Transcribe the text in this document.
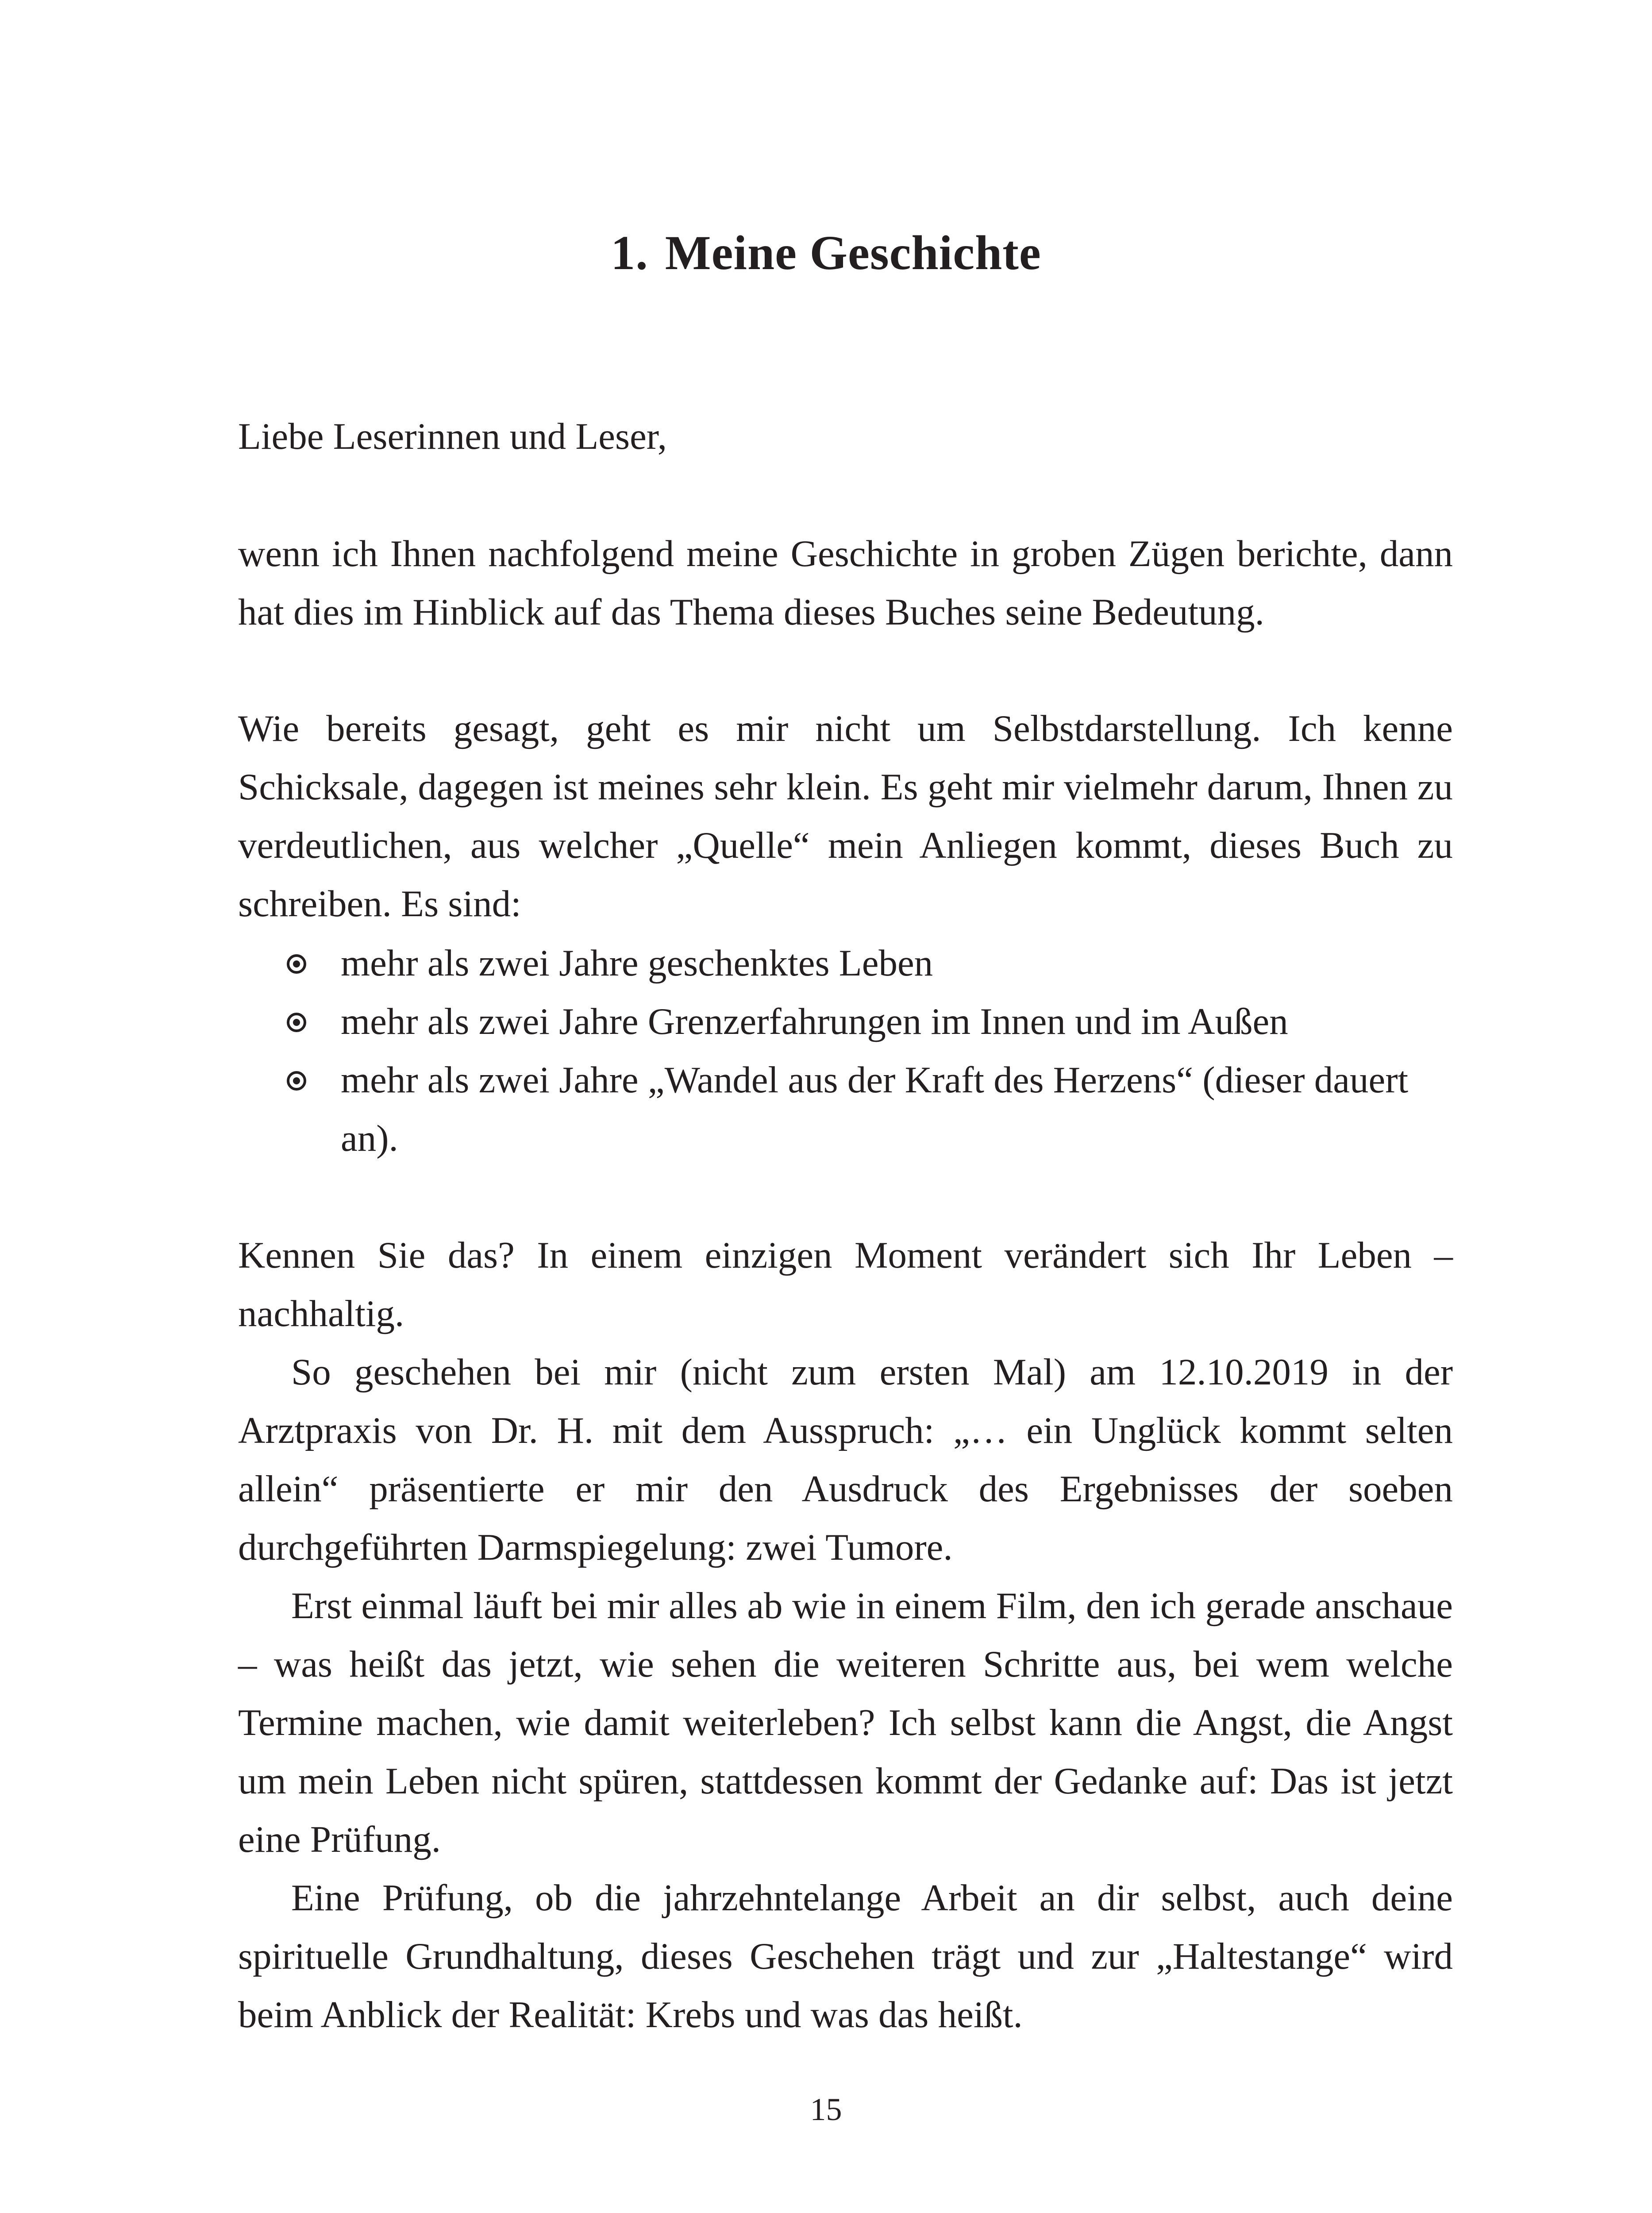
1. Meine Geschichte

Liebe Leserinnen und Leser,

wenn ich Ihnen nachfolgend meine Geschichte in groben Zügen berichte, dann hat dies im Hinblick auf das Thema dieses Buches seine Bedeutung.

Wie bereits gesagt, geht es mir nicht um Selbstdarstellung. Ich kenne Schicksale, dagegen ist meines sehr klein. Es geht mir vielmehr darum, Ihnen zu verdeutlichen, aus welcher „Quelle“ mein Anliegen kommt, dieses Buch zu schreiben. Es sind:

mehr als zwei Jahre geschenktes Leben
mehr als zwei Jahre Grenzerfahrungen im Innen und im Außen
mehr als zwei Jahre „Wandel aus der Kraft des Herzens“ (dieser dauert an).

Kennen Sie das? In einem einzigen Moment verändert sich Ihr Leben – nachhaltig.

So geschehen bei mir (nicht zum ersten Mal) am 12.10.2019 in der Arztpraxis von Dr. H. mit dem Ausspruch: „… ein Unglück kommt selten allein“ präsentierte er mir den Ausdruck des Ergebnisses der soeben durchgeführten Darmspiegelung: zwei Tumore.

Erst einmal läuft bei mir alles ab wie in einem Film, den ich gerade anschaue – was heißt das jetzt, wie sehen die weiteren Schritte aus, bei wem welche Termine machen, wie damit weiterleben? Ich selbst kann die Angst, die Angst um mein Leben nicht spüren, stattdessen kommt der Gedanke auf: Das ist jetzt eine Prüfung.

Eine Prüfung, ob die jahrzehntelange Arbeit an dir selbst, auch deine spirituelle Grundhaltung, dieses Geschehen trägt und zur „Haltestange“ wird beim Anblick der Realität: Krebs und was das heißt.

15
